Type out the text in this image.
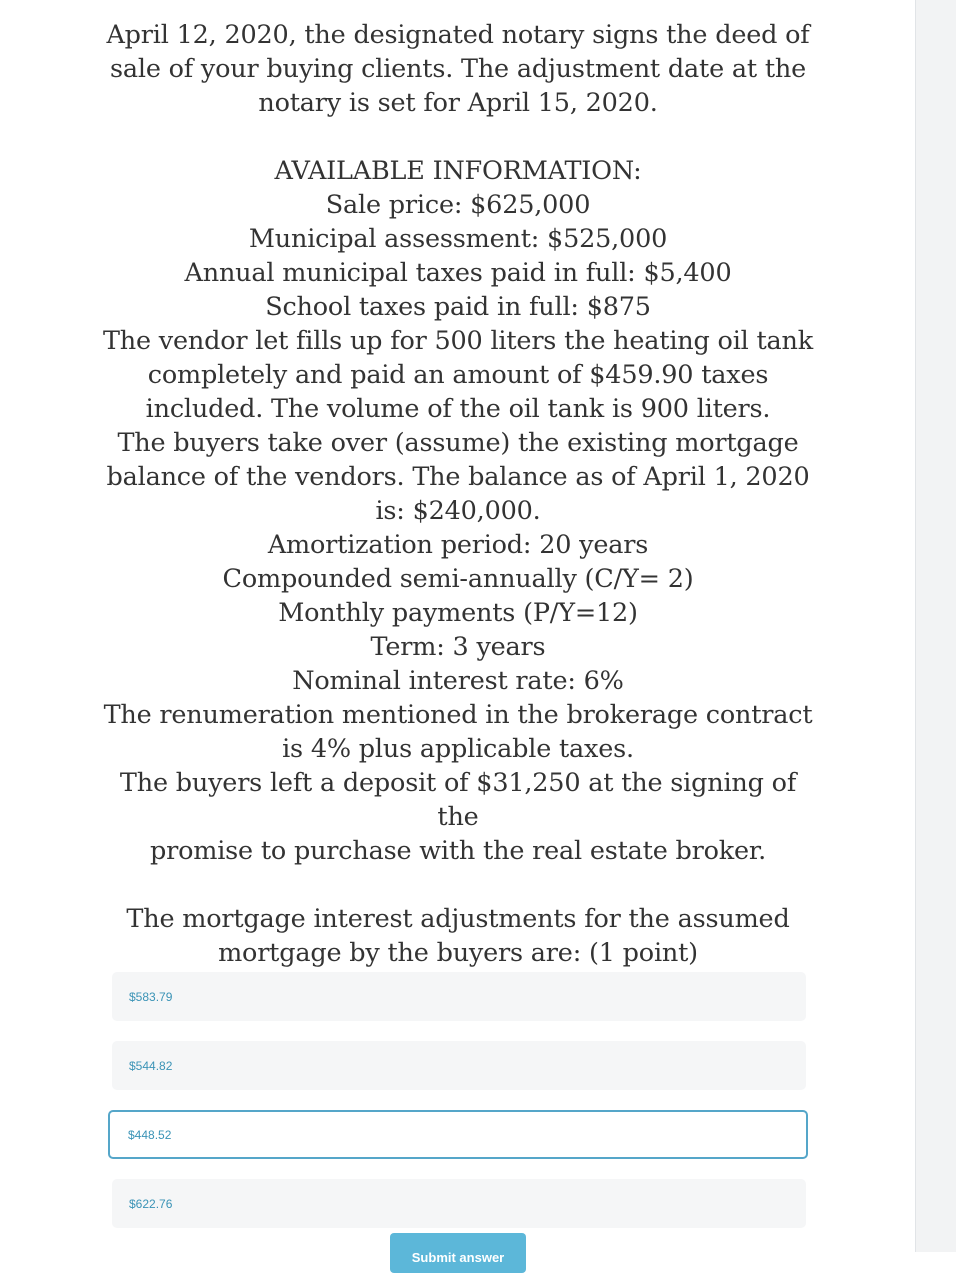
April 12, 2020, the designated notary signs the deed of

sale of your buying clients. The adjustment date at the

notary is set for April 15, 2020.

AVAILABLE INFORMATION:

Sale price: $625,000

Municipal assessment: $525,000

Annual municipal taxes paid in full: $5,400

School taxes paid in full: $875

The vendor let fills up for 500 liters the heating oil tank

completely and paid an amount of $459.90 taxes

included. The volume of the oil tank is 900 liters.

The buyers take over (assume) the existing mortgage

balance of the vendors. The balance as of April 1, 2020

is: $240,000.

Amortization period: 20 years

Compounded semi-annually (C/Y= 2)

Monthly payments (P/Y=12)

Term: 3 years

Nominal interest rate: 6%

The renumeration mentioned in the brokerage contract

is 4% plus applicable taxes.

The buyers left a deposit of $31,250 at the signing of the

promise to purchase with the real estate broker.

The mortgage interest adjustments for the assumed

mortgage by the buyers are: (1 point)

$583.79
$544.82
$448.52
$622.76
Submit answer
